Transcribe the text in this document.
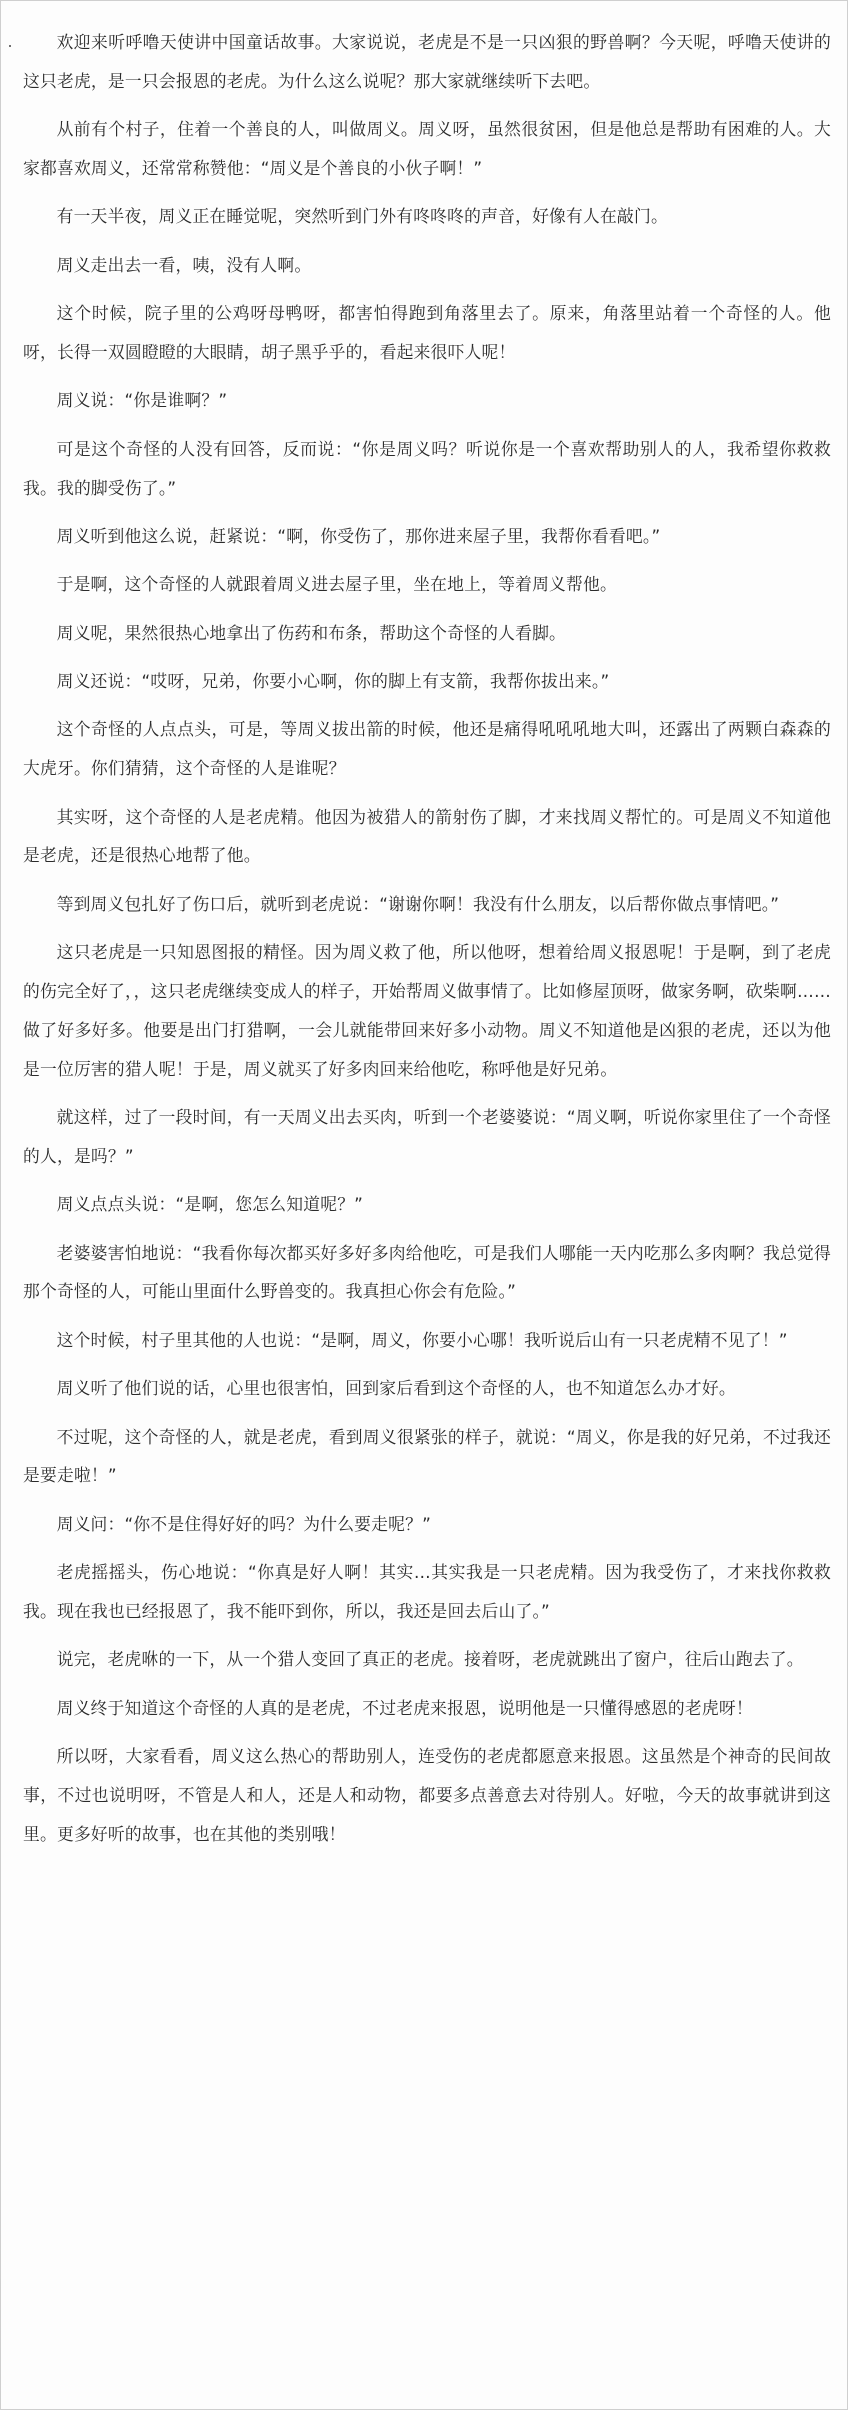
欢迎来听呼噜天使讲中国童话故事。大家说说，老虎是不是一只凶狠的野兽啊？今天呢，呼噜天使讲的这只老虎，是一只会报恩的老虎。为什么这么说呢？那大家就继续听下去吧。

从前有个村子，住着一个善良的人，叫做周义。周义呀，虽然很贫困，但是他总是帮助有困难的人。大家都喜欢周义，还常常称赞他：“周义是个善良的小伙子啊！”

有一天半夜，周义正在睡觉呢，突然听到门外有咚咚咚的声音，好像有人在敲门。

周义走出去一看，咦，没有人啊。

这个时候，院子里的公鸡呀母鸭呀，都害怕得跑到角落里去了。原来，角落里站着一个奇怪的人。他呀，长得一双圆瞪瞪的大眼睛，胡子黑乎乎的，看起来很吓人呢！

周义说：“你是谁啊？”

可是这个奇怪的人没有回答，反而说：“你是周义吗？听说你是一个喜欢帮助别人的人，我希望你救救我。我的脚受伤了。”

周义听到他这么说，赶紧说：“啊，你受伤了，那你进来屋子里，我帮你看看吧。”

于是啊，这个奇怪的人就跟着周义进去屋子里，坐在地上，等着周义帮他。

周义呢，果然很热心地拿出了伤药和布条，帮助这个奇怪的人看脚。

周义还说：“哎呀，兄弟，你要小心啊，你的脚上有支箭，我帮你拔出来。”

这个奇怪的人点点头，可是，等周义拔出箭的时候，他还是痛得吼吼吼地大叫，还露出了两颗白森森的大虎牙。你们猜猜，这个奇怪的人是谁呢？

其实呀，这个奇怪的人是老虎精。他因为被猎人的箭射伤了脚，才来找周义帮忙的。可是周义不知道他是老虎，还是很热心地帮了他。

等到周义包扎好了伤口后，就听到老虎说：“谢谢你啊！我没有什么朋友，以后帮你做点事情吧。”

这只老虎是一只知恩图报的精怪。因为周义救了他，所以他呀，想着给周义报恩呢！于是啊，到了老虎的伤完全好了，，这只老虎继续变成人的样子，开始帮周义做事情了。比如修屋顶呀，做家务啊，砍柴啊……做了好多好多。他要是出门打猎啊，一会儿就能带回来好多小动物。周义不知道他是凶狠的老虎，还以为他是一位厉害的猎人呢！于是，周义就买了好多肉回来给他吃，称呼他是好兄弟。

就这样，过了一段时间，有一天周义出去买肉，听到一个老婆婆说：“周义啊，听说你家里住了一个奇怪的人，是吗？”

周义点点头说：“是啊，您怎么知道呢？”

老婆婆害怕地说：“我看你每次都买好多好多肉给他吃，可是我们人哪能一天内吃那么多肉啊？我总觉得那个奇怪的人，可能山里面什么野兽变的。我真担心你会有危险。”

这个时候，村子里其他的人也说：“是啊，周义，你要小心哪！我听说后山有一只老虎精不见了！”

周义听了他们说的话，心里也很害怕，回到家后看到这个奇怪的人，也不知道怎么办才好。

不过呢，这个奇怪的人，就是老虎，看到周义很紧张的样子，就说：“周义，你是我的好兄弟，不过我还是要走啦！”

周义问：“你不是住得好好的吗？为什么要走呢？”

老虎摇摇头，伤心地说：“你真是好人啊！其实…其实我是一只老虎精。因为我受伤了，才来找你救救我。现在我也已经报恩了，我不能吓到你，所以，我还是回去后山了。”

说完，老虎咻的一下，从一个猎人变回了真正的老虎。接着呀，老虎就跳出了窗户，往后山跑去了。

周义终于知道这个奇怪的人真的是老虎，不过老虎来报恩，说明他是一只懂得感恩的老虎呀！

所以呀，大家看看，周义这么热心的帮助别人，连受伤的老虎都愿意来报恩。这虽然是个神奇的民间故事，不过也说明呀，不管是人和人，还是人和动物，都要多点善意去对待别人。好啦，今天的故事就讲到这里。更多好听的故事，也在其他的类别哦！
